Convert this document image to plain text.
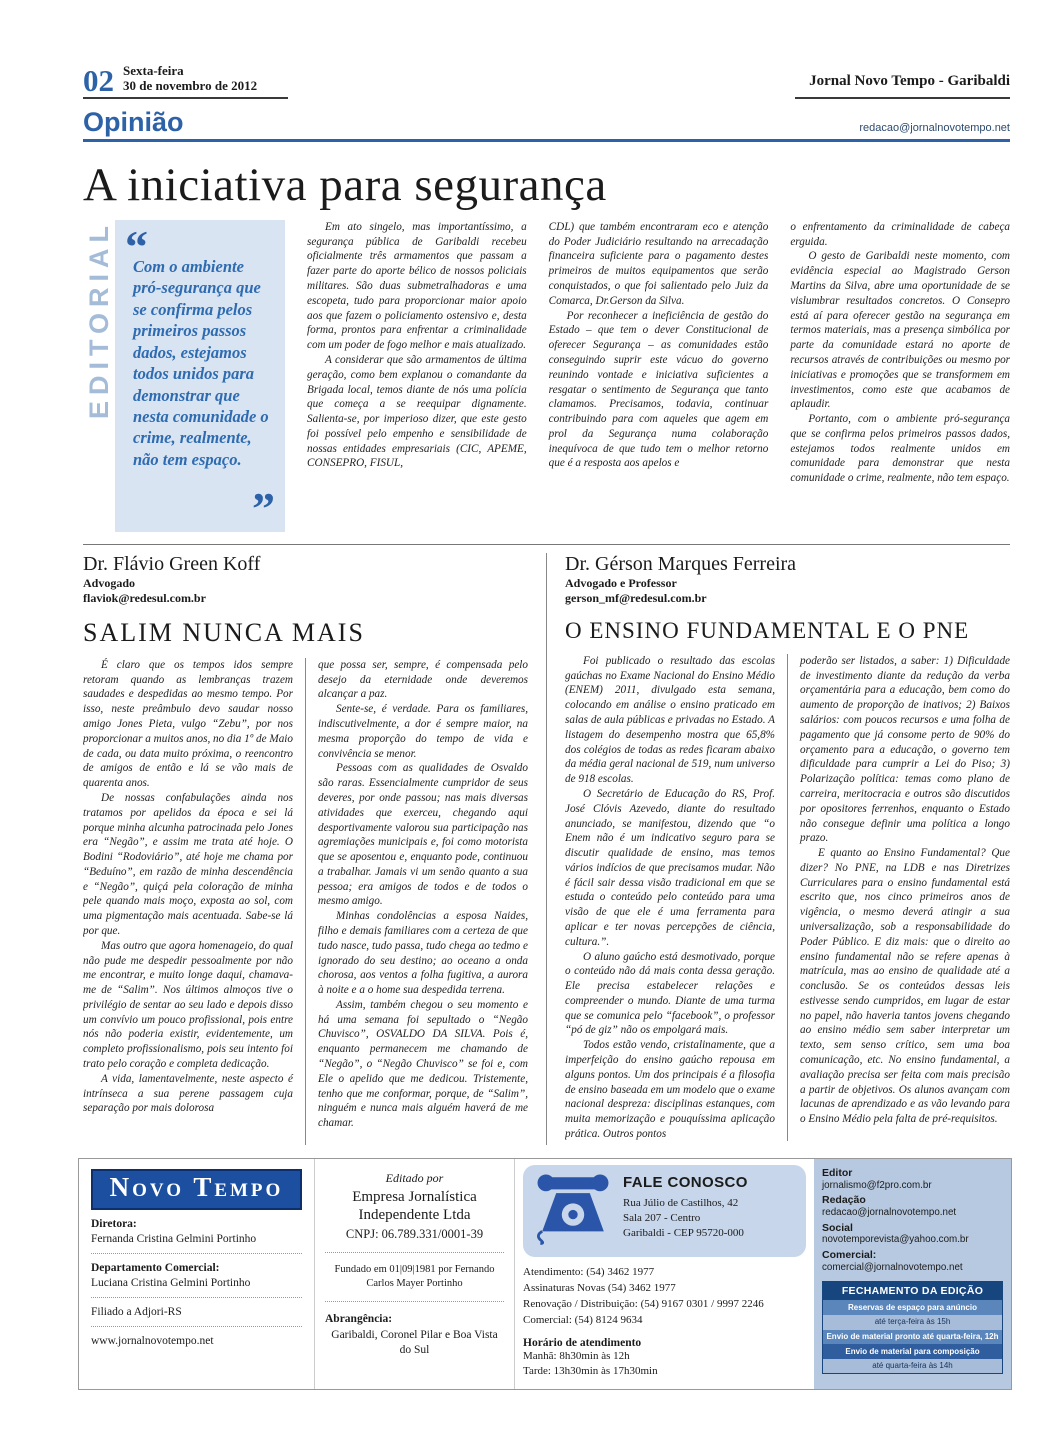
02 Sexta-feira
30 de novembro de 2012	Jornal Novo Tempo - Garibaldi
Opinião	redacao@jornalnovotempo.net
A iniciativa para segurança
EDITORIAL “
Com o ambiente pró-segurança que se confirma pelos primeiros passos dados, estejamos todos unidos para demonstrar que nesta comunidade o crime, realmente, não tem espaço.
”

Em ato singelo, mas importantíssimo, a segurança pública de Garibaldi recebeu oficialmente três armamentos que passam a fazer parte do aporte bélico de nossos policiais militares. São duas submetralhadoras e uma escopeta, tudo para proporcionar maior apoio aos que fazem o policiamento ostensivo e, desta forma, prontos para enfrentar a criminalidade com um poder de fogo melhor e mais atualizado.

A considerar que são armamentos de última geração, como bem explanou o comandante da Brigada local, temos diante de nós uma polícia que começa a se reequipar dignamente. Salienta-se, por imperioso dizer, que este gesto foi possível pelo empenho e sensibilidade de nossas entidades empresariais (CIC, APEME, CONSEPRO, FISUL,

CDL) que também encontraram eco e atenção do Poder Judiciário resultando na arrecadação financeira suficiente para o pagamento destes primeiros de muitos equipamentos que serão conquistados, o que foi salientado pelo Juiz da Comarca, Dr.Gerson da Silva.

Por reconhecer a ineficiência de gestão do Estado – que tem o dever Constitucional de oferecer Segurança – as comunidades estão conseguindo suprir este vácuo do governo reunindo vontade e iniciativa suficientes a resgatar o sentimento de Segurança que tanto clamamos. Precisamos, todavia, continuar contribuindo para com aqueles que agem em prol da Segurança numa colaboração inequívoca de que tudo tem o melhor retorno que é a resposta aos apelos e

o enfrentamento da criminalidade de cabeça erguida.

O gesto de Garibaldi neste momento, com evidência especial ao Magistrado Gerson Martins da Silva, abre uma oportunidade de se vislumbrar resultados concretos. O Consepro está aí para oferecer gestão na segurança em termos materiais, mas a presença simbólica por parte da comunidade estará no aporte de recursos através de contribuições ou mesmo por iniciativas e promoções que se transformem em investimentos, como este que acabamos de aplaudir.

Portanto, com o ambiente pró-segurança que se confirma pelos primeiros passos dados, estejamos todos realmente unidos em comunidade para demonstrar que nesta comunidade o crime, realmente, não tem espaço.

Dr. Flávio Green Koff
Advogado
flaviok@redesul.com.br
SALIM NUNCA MAIS

É claro que os tempos idos sempre retoram quando as lembranças trazem saudades e despedidas ao mesmo tempo. Por isso, neste preâmbulo devo saudar nosso amigo Jones Pieta, vulgo “Zebu”, por nos proporcionar a muitos anos, no dia 1º de Maio de cada, ou data muito próxima, o reencontro de amigos de então e lá se vão mais de quarenta anos.

De nossas confabulações ainda nos tratamos por apelidos da época e sei lá porque minha alcunha patrocinada pelo Jones era “Negão”, e assim me trata até hoje. O Bodini “Rodoviário”, até hoje me chama por “Beduíno”, em razão de minha descendência e “Negão”, quiçá pela coloração de minha pele quando mais moço, exposta ao sol, com uma pigmentação mais acentuada. Sabe-se lá por que.

Mas outro que agora homenageio, do qual não pude me despedir pessoalmente por não me encontrar, e muito longe daqui, chamava-me de “Salim”. Nos últimos almoços tive o privilégio de sentar ao seu lado e depois disso um convívio um pouco profissional, pois entre nós não poderia existir, evidentemente, um completo profissionalismo, pois seu intento foi trato pelo coração e completa dedicação.

A vida, lamentavelmente, neste aspecto é intrínseca a sua perene passagem cuja separação por mais dolorosa

que possa ser, sempre, é compensada pelo desejo da eternidade onde deveremos alcançar a paz.

Sente-se, é verdade. Para os familiares, indiscutivelmente, a dor é sempre maior, na mesma proporção do tempo de vida e convivência se menor.

Pessoas com as qualidades de Osvaldo são raras. Essencialmente cumpridor de seus deveres, por onde passou; nas mais diversas atividades que exerceu, chegando aqui desportivamente valorou sua participação nas agremiações municipais e, foi como motorista que se aposentou e, enquanto pode, continuou a trabalhar. Jamais vi um senão quanto a sua pessoa; era amigos de todos e de todos o mesmo amigo.

Minhas condolências a esposa Naides, filho e demais familiares com a certeza de que tudo nasce, tudo passa, tudo chega ao tedmo e ignorado do seu destino; ao oceano a onda chorosa, aos ventos a folha fugitiva, a aurora à noite e a o home sua despedida terrena.

Assim, também chegou o seu momento e há uma semana foi sepultado o “Negão Chuvisco”, OSVALDO DA SILVA. Pois é, enquanto permanecem me chamando de “Negão”, o “Negão Chuvisco” se foi e, com Ele o apelido que me dedicou. Tristemente, tenho que me conformar, porque, de “Salim”, ninguém e nunca mais alguém haverá de me chamar.

Dr. Gérson Marques Ferreira
Advogado e Professor
gerson_mf@redesul.com.br
O ENSINO FUNDAMENTAL E O PNE

Foi publicado o resultado das escolas gaúchas no Exame Nacional do Ensino Médio (ENEM) 2011, divulgado esta semana, colocando em análise o ensino praticado em salas de aula públicas e privadas no Estado. A listagem do desempenho mostra que 65,8% dos colégios de todas as redes ficaram abaixo da média geral nacional de 519, num universo de 918 escolas.

O Secretário de Educação do RS, Prof. José Clóvis Azevedo, diante do resultado anunciado, se manifestou, dizendo que “o Enem não é um indicativo seguro para se discutir qualidade de ensino, mas temos vários indícios de que precisamos mudar. Não é fácil sair dessa visão tradicional em que se estuda o conteúdo pelo conteúdo para uma visão de que ele é uma ferramenta para aplicar e ter novas percepções de ciência, cultura.”.

O aluno gaúcho está desmotivado, porque o conteúdo não dá mais conta dessa geração. Ele precisa estabelecer relações e compreender o mundo. Diante de uma turma que se comunica pelo “facebook”, o professor “pó de giz” não os empolgará mais.

Todos estão vendo, cristalinamente, que a imperfeição do ensino gaúcho repousa em alguns pontos. Um dos principais é a filosofia de ensino baseada em um modelo que o exame nacional despreza: disciplinas estanques, com muita memorização e pouquíssima aplicação prática. Outros pontos

poderão ser listados, a saber: 1) Dificuldade de investimento diante da redução da verba orçamentária para a educação, bem como do aumento de proporção de inativos; 2) Baixos salários: com poucos recursos e uma folha de pagamento que já consome perto de 90% do orçamento para a educação, o governo tem dificuldade para cumprir a Lei do Piso; 3) Polarização política: temas como plano de carreira, meritocracia e outros são discutidos por opositores ferrenhos, enquanto o Estado não consegue definir uma política a longo prazo.

E quanto ao Ensino Fundamental? Que dizer? No PNE, na LDB e nas Diretrizes Curriculares para o ensino fundamental está escrito que, nos cinco primeiros anos de vigência, o mesmo deverá atingir a sua universalização, sob a responsabilidade do Poder Público. E diz mais: que o direito ao ensino fundamental não se refere apenas à matrícula, mas ao ensino de qualidade até a conclusão. Se os conteúdos dessas leis estivesse sendo cumpridos, em lugar de estar no papel, não haveria tantos jovens chegando ao ensino médio sem saber interpretar um texto, sem senso crítico, sem uma boa comunicação, etc. No ensino fundamental, a avaliação precisa ser feita com mais precisão a partir de objetivos. Os alunos avançam com lacunas de aprendizado e as vão levando para o Ensino Médio pela falta de pré-requisitos.

Novo Tempo
Diretora:
Fernanda Cristina Gelmini Portinho
Departamento Comercial:
Luciana Cristina Gelmini Portinho
Filiado a Adjori-RS
www.jornalnovotempo.net
Editado por
Empresa Jornalística Independente Ltda
CNPJ: 06.789.331/0001-39
Fundado em 01|09|1981 por Fernando Carlos Mayer Portinho
Abrangência:
Garibaldi, Coronel Pilar e Boa Vista do Sul
FALE CONOSCO
Rua Júlio de Castilhos, 42
Sala 207 - Centro
Garibaldi - CEP 95720-000
Atendimento: (54) 3462 1977
Assinaturas Novas (54) 3462 1977
Renovação / Distribuição: (54) 9167 0301 / 9997 2246
Comercial: (54) 8124 9634
Horário de atendimento
Manhã: 8h30min às 12h
Tarde: 13h30min às 17h30min
Editor
jornalismo@f2pro.com.br
Redação
redacao@jornalnovotempo.net
Social
novotemporevista@yahoo.com.br
Comercial:
comercial@jornalnovotempo.net
FECHAMENTO DA EDIÇÃO
Reservas de espaço para anúncio
até terça-feira às 15h
Envio de material pronto até quarta-feira, 12h
Envio de material para composição
até quarta-feira às 14h
